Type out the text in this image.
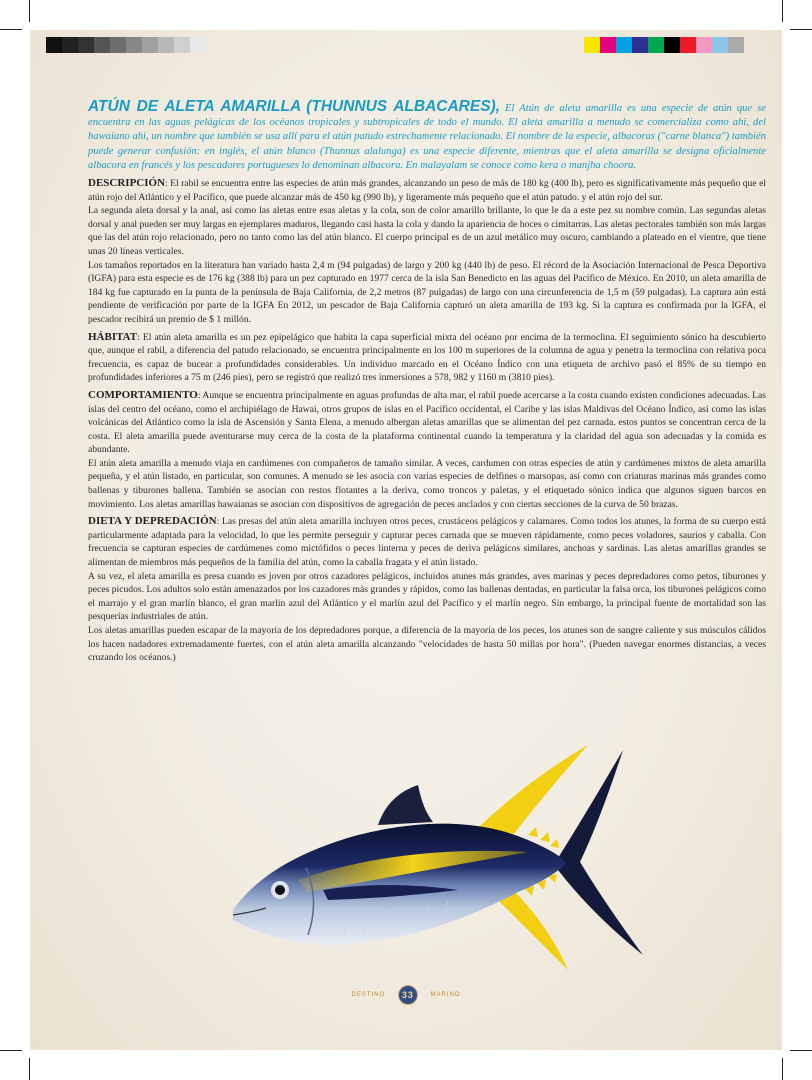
ATÚN DE ALETA AMARILLA (THUNNUS ALBACARES), El Atún de aleta amarilla es una especie de atún que se encuentra en las aguas pelágicas de los océanos tropicales y subtropicales de todo el mundo. El aleta amarilla a menudo se comercializa como ahi, del hawaiano ahi, un nombre que también se usa allí para el atún patudo estrechamente relacionado. El nombre de la especie, albacoras ("carne blanca") también puede generar confusión: en inglés, el atún blanco (Thunnus alalunga) es una especie diferente, mientras que el aleta amarilla se designa oficialmente albacora en francés y los pescadores portugueses lo denominan albacora. En malayalam se conoce como kera o manjha choora.

DESCRIPCIÓN: El rabil se encuentra entre las especies de atún más grandes, alcanzando un peso de más de 180 kg (400 lb), pero es significativamente más pequeño que el atún rojo del Atlántico y el Pacífico, que puede alcanzar más de 450 kg (990 lb), y ligeramente más pequeño que el atún patudo. y el atún rojo del sur.

La segunda aleta dorsal y la anal, así como las aletas entre esas aletas y la cola, son de color amarillo brillante, lo que le da a este pez su nombre común. Las segundas aletas dorsal y anal pueden ser muy largas en ejemplares maduros, llegando casi hasta la cola y dando la apariencia de hoces o cimitarras. Las aletas pectorales también son más largas que las del atún rojo relacionado, pero no tanto como las del atún blanco. El cuerpo principal es de un azul metálico muy oscuro, cambiando a plateado en el vientre, que tiene unas 20 líneas verticales.

Los tamaños reportados en la literatura han variado hasta 2,4 m (94 pulgadas) de largo y 200 kg (440 lb) de peso. El récord de la Asociación Internacional de Pesca Deportiva (IGFA) para esta especie es de 176 kg (388 lb) para un pez capturado en 1977 cerca de la isla San Benedicto en las aguas del Pacífico de México. En 2010, un aleta amarilla de 184 kg fue capturado en la punta de la península de Baja California, de 2,2 metros (87 pulgadas) de largo con una circunferencia de 1,5 m (59 pulgadas). La captura aún está pendiente de verificación por parte de la IGFA En 2012, un pescador de Baja California capturó un aleta amarilla de 193 kg. Si la captura es confirmada por la IGFA, el pescador recibirá un premio de $ 1 millón.

HÁBITAT: El atún aleta amarilla es un pez epipelágico que habita la capa superficial mixta del océano por encima de la termoclina. El seguimiento sónico ha descubierto que, aunque el rabil, a diferencia del patudo relacionado, se encuentra principalmente en los 100 m superiores de la columna de agua y penetra la termoclina con relativa poca frecuencia, es capaz de bucear a profundidades considerables. Un individuo marcado en el Océano Índico con una etiqueta de archivo pasó el 85% de su tiempo en profundidades inferiores a 75 m (246 pies), pero se registró que realizó tres inmersiones a 578, 982 y 1160 m (3810 pies).

COMPORTAMIENTO: Aunque se encuentra principalmente en aguas profundas de alta mar, el rabil puede acercarse a la costa cuando existen condiciones adecuadas. Las islas del centro del océano, como el archipiélago de Hawai, otros grupos de islas en el Pacífico occidental, el Caribe y las islas Maldivas del Océano Índico, así como las islas volcánicas del Atlántico como la isla de Ascensión y Santa Elena, a menudo albergan aletas amarillas que se alimentan del pez carnada. estos puntos se concentran cerca de la costa. El aleta amarilla puede aventurarse muy cerca de la costa de la plataforma continental cuando la temperatura y la claridad del agua son adecuadas y la comida es abundante.

El atún aleta amarilla a menudo viaja en cardúmenes con compañeros de tamaño similar. A veces, cardumen con otras especies de atún y cardúmenes mixtos de aleta amarilla pequeña, y el atún listado, en particular, son comunes. A menudo se les asocia con varias especies de delfines o marsopas, así como con criaturas marinas más grandes como ballenas y tiburones ballena. También se asocian con restos flotantes a la deriva, como troncos y paletas, y el etiquetado sónico indica que algunos siguen barcos en movimiento. Los aletas amarillas hawaianas se asocian con dispositivos de agregación de peces anclados y con ciertas secciones de la curva de 50 brazas.

DIETA Y DEPREDACIÓN: Las presas del atún aleta amarilla incluyen otros peces, crustáceos pelágicos y calamares. Como todos los atunes, la forma de su cuerpo está particularmente adaptada para la velocidad, lo que les permite perseguir y capturar peces carnada que se mueven rápidamente, como peces voladores, saurios y caballa. Con frecuencia se capturan especies de cardúmenes como mictófidos o peces linterna y peces de deriva pelágicos similares, anchoas y sardinas. Las aletas amarillas grandes se alimentan de miembros más pequeños de la familia del atún, como la caballa fragata y el atún listado.

A su vez, el aleta amarilla es presa cuando es joven por otros cazadores pelágicos, incluidos atunes más grandes, aves marinas y peces depredadores como petos, tiburones y peces picudos. Los adultos solo están amenazados por los cazadores más grandes y rápidos, como las ballenas dentadas, en particular la falsa orca, los tiburones pelágicos como el marrajo y el gran marlín blanco, el gran marlín azul del Atlántico y el marlín azul del Pacífico y el marlín negro. Sin embargo, la principal fuente de mortalidad son las pesquerías industriales de atún.

Los aletas amarillas pueden escapar de la mayoría de los depredadores porque, a diferencia de la mayoría de los peces, los atunes son de sangre caliente y sus músculos cálidos los hacen nadadores extremadamente fuertes, con el atún aleta amarilla alcanzando "velocidades de hasta 50 millas por hora". (Pueden navegar enormes distancias, a veces cruzando los océanos.)

DESTINO 33	MARINO
